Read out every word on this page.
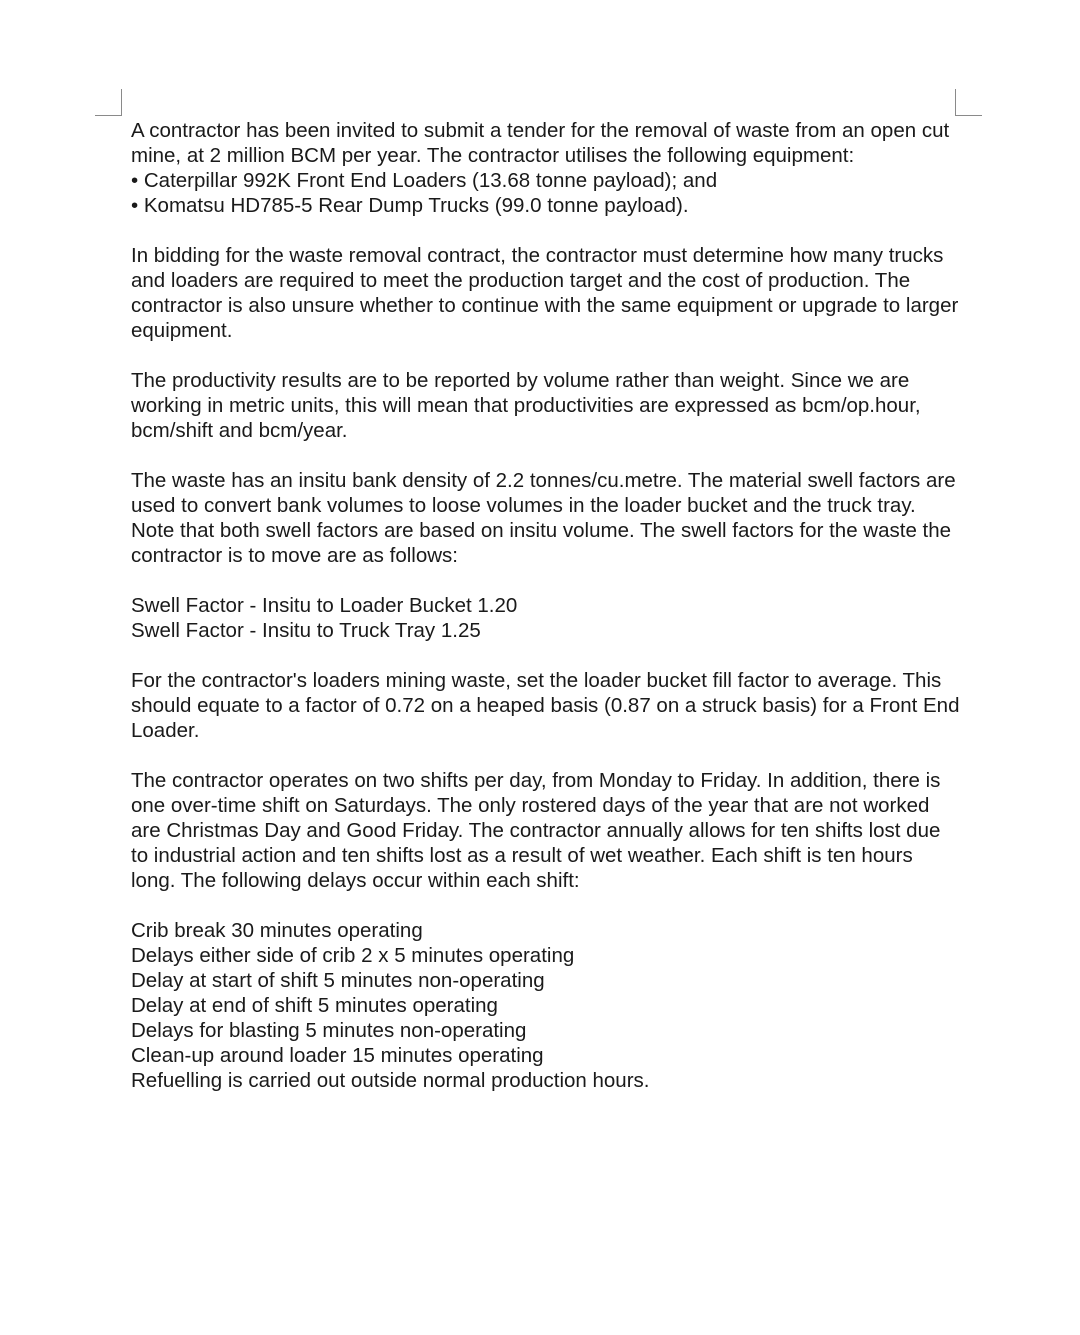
A contractor has been invited to submit a tender for the removal of waste from an open cut mine, at 2 million BCM per year. The contractor utilises the following equipment:
• Caterpillar 992K Front End Loaders (13.68 tonne payload); and
• Komatsu HD785-5 Rear Dump Trucks (99.0 tonne payload).

In bidding for the waste removal contract, the contractor must determine how many trucks and loaders are required to meet the production target and the cost of production. The contractor is also unsure whether to continue with the same equipment or upgrade to larger equipment.

The productivity results are to be reported by volume rather than weight. Since we are working in metric units, this will mean that productivities are expressed as bcm/op.hour, bcm/shift and bcm/year.

The waste has an insitu bank density of 2.2 tonnes/cu.metre. The material swell factors are used to convert bank volumes to loose volumes in the loader bucket and the truck tray. Note that both swell factors are based on insitu volume. The swell factors for the waste the contractor is to move are as follows:

Swell Factor - Insitu to Loader Bucket 1.20
Swell Factor - Insitu to Truck Tray 1.25

For the contractor's loaders mining waste, set the loader bucket fill factor to average. This should equate to a factor of 0.72 on a heaped basis (0.87 on a struck basis) for a Front End Loader.

The contractor operates on two shifts per day, from Monday to Friday. In addition, there is one over-time shift on Saturdays. The only rostered days of the year that are not worked are Christmas Day and Good Friday. The contractor annually allows for ten shifts lost due to industrial action and ten shifts lost as a result of wet weather. Each shift is ten hours long. The following delays occur within each shift:

Crib break 30 minutes operating
Delays either side of crib 2 x 5 minutes operating
Delay at start of shift 5 minutes non-operating
Delay at end of shift 5 minutes operating
Delays for blasting 5 minutes non-operating
Clean-up around loader 15 minutes operating
Refuelling is carried out outside normal production hours.
